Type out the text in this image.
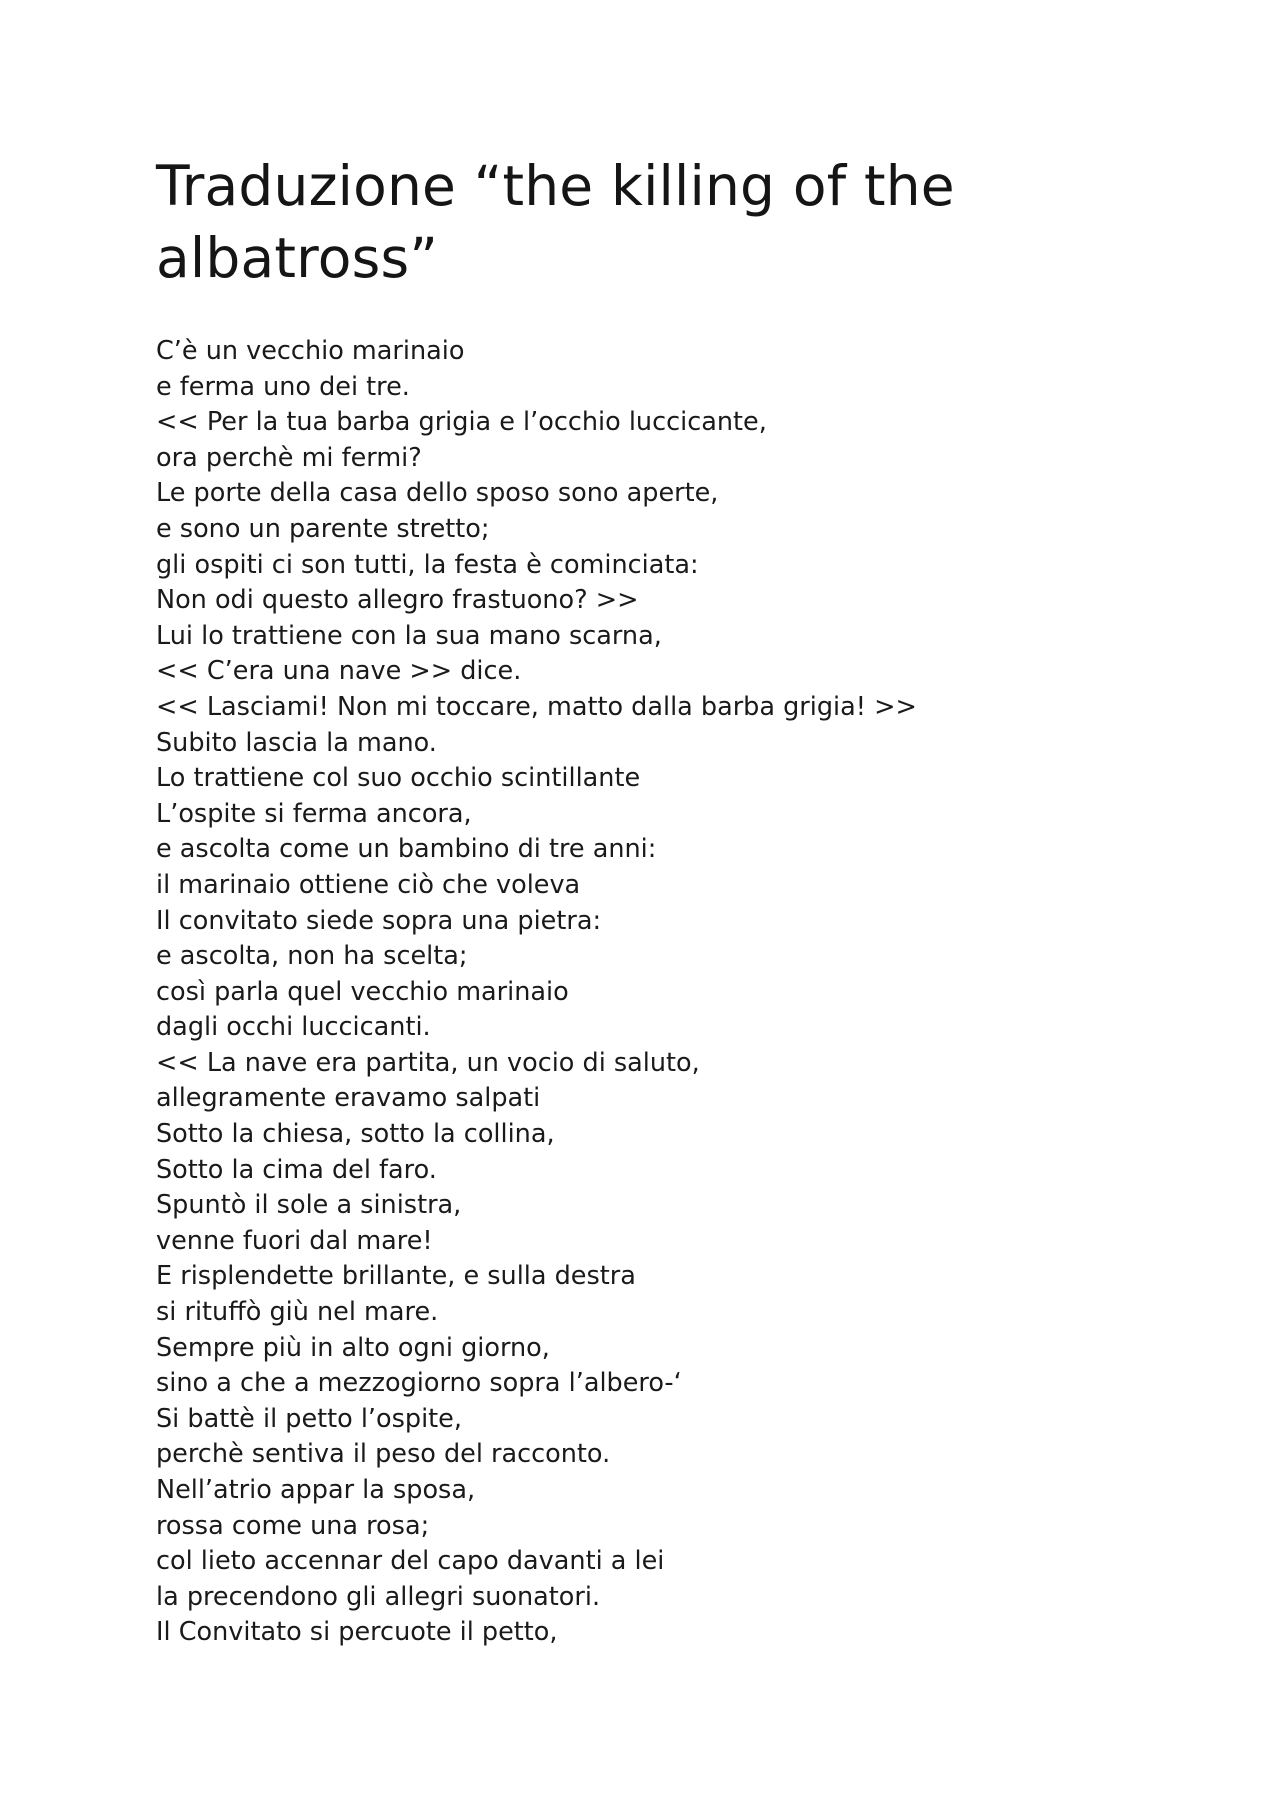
Traduzione “the killing of the albatross”
C’è un vecchio marinaio
e ferma uno dei tre.
<< Per la tua barba grigia e l’occhio luccicante,
ora perchè mi fermi?
Le porte della casa dello sposo sono aperte,
e sono un parente stretto;
gli ospiti ci son tutti, la festa è cominciata:
Non odi questo allegro frastuono? >>
Lui lo trattiene con la sua mano scarna,
<< C’era una nave >> dice.
<< Lasciami! Non mi toccare, matto dalla barba grigia! >>
Subito lascia la mano.
Lo trattiene col suo occhio scintillante
L’ospite si ferma ancora,
e ascolta come un bambino di tre anni:
il marinaio ottiene ciò che voleva
Il convitato siede sopra una pietra:
e ascolta, non ha scelta;
così parla quel vecchio marinaio
dagli occhi luccicanti.
<< La nave era partita, un vocio di saluto,
allegramente eravamo salpati
Sotto la chiesa, sotto la collina,
Sotto la cima del faro.
Spuntò il sole a sinistra,
venne fuori dal mare!
E risplendette brillante, e sulla destra
si rituffò giù nel mare.
Sempre più in alto ogni giorno,
sino a che a mezzogiorno sopra l’albero-‘
Si battè il petto l’ospite,
perchè sentiva il peso del racconto.
Nell’atrio appar la sposa,
rossa come una rosa;
col lieto accennar del capo davanti a lei
la precendono gli allegri suonatori.
Il Convitato si percuote il petto,
